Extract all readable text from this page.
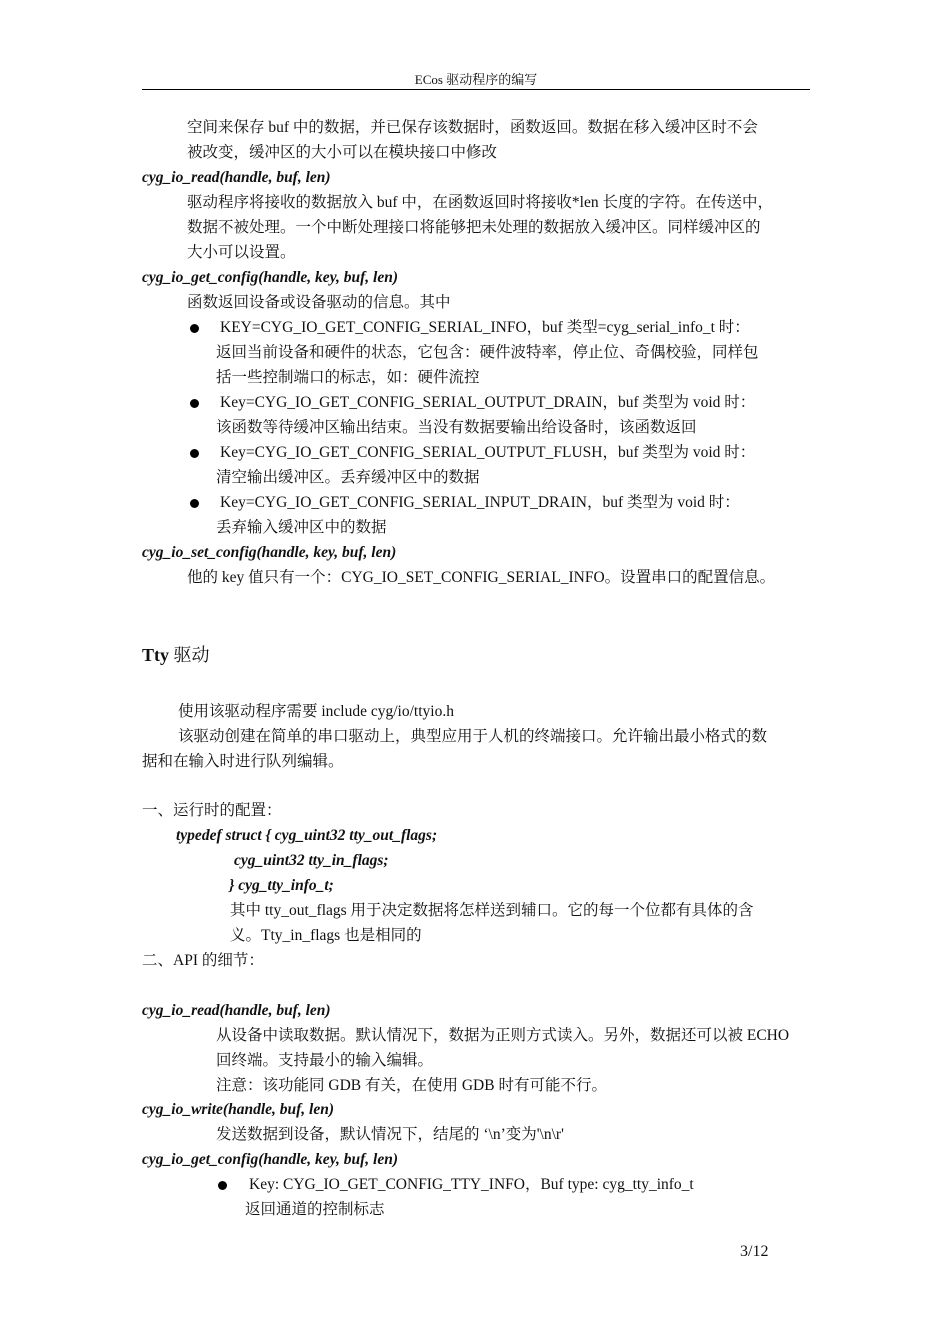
ECos 驱动程序的编写
空间来保存 buf 中的数据，并已保存该数据时，函数返回。数据在移入缓冲区时不会
被改变，缓冲区的大小可以在模块接口中修改
cyg_io_read(handle, buf, len)
驱动程序将接收的数据放入 buf 中，在函数返回时将接收*len 长度的字符。在传送中，
数据不被处理。一个中断处理接口将能够把未处理的数据放入缓冲区。同样缓冲区的
大小可以设置。
cyg_io_get_config(handle, key, buf, len)
函数返回设备或设备驱动的信息。其中
KEY=CYG_IO_GET_CONFIG_SERIAL_INFO，buf 类型=cyg_serial_info_t 时：
返回当前设备和硬件的状态，它包含：硬件波特率，停止位、奇偶校验，同样包
括一些控制端口的标志，如：硬件流控
Key=CYG_IO_GET_CONFIG_SERIAL_OUTPUT_DRAIN，buf 类型为 void 时：
该函数等待缓冲区输出结束。当没有数据要输出给设备时，该函数返回
Key=CYG_IO_GET_CONFIG_SERIAL_OUTPUT_FLUSH，buf 类型为 void 时：
清空输出缓冲区。丢弃缓冲区中的数据
Key=CYG_IO_GET_CONFIG_SERIAL_INPUT_DRAIN，buf 类型为 void 时：
丢弃输入缓冲区中的数据
cyg_io_set_config(handle, key, buf, len)
他的 key 值只有一个：CYG_IO_SET_CONFIG_SERIAL_INFO。设置串口的配置信息。
Tty 驱动
使用该驱动程序需要 include cyg/io/ttyio.h
该驱动创建在简单的串口驱动上，典型应用于人机的终端接口。允许输出最小格式的数
据和在输入时进行队列编辑。
一、运行时的配置：
typedef struct { cyg_uint32 tty_out_flags;
cyg_uint32 tty_in_flags;
} cyg_tty_info_t;
其中 tty_out_flags 用于决定数据将怎样送到辅口。它的每一个位都有具体的含
义。Tty_in_flags 也是相同的
二、API 的细节：
cyg_io_read(handle, buf, len)
从设备中读取数据。默认情况下，数据为正则方式读入。另外，数据还可以被 ECHO
回终端。支持最小的输入编辑。
注意：该功能同 GDB 有关，在使用 GDB 时有可能不行。
cyg_io_write(handle, buf, len)
发送数据到设备，默认情况下，结尾的 ‘\n’变为'\n\r'
cyg_io_get_config(handle, key, buf, len)
Key: CYG_IO_GET_CONFIG_TTY_INFO，Buf type: cyg_tty_info_t
返回通道的控制标志
3/12
